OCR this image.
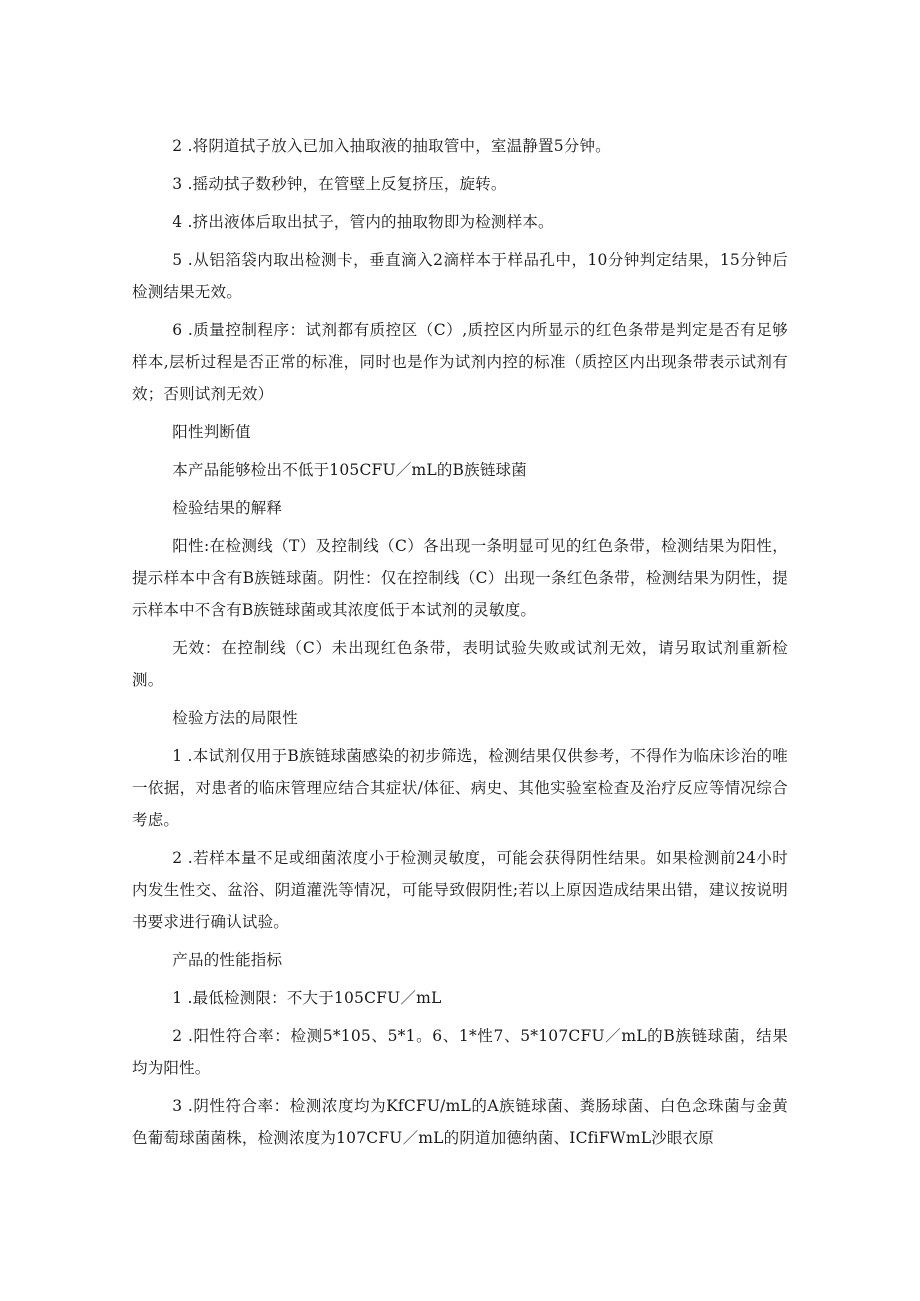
2 .将阴道拭子放入已加入抽取液的抽取管中，室温静置5分钟。

3 .摇动拭子数秒钟，在管壁上反复挤压，旋转。

4 .挤出液体后取出拭子，管内的抽取物即为检测样本。

5 .从铝箔袋内取出检测卡，垂直滴入2滴样本于样品孔中，10分钟判定结果，15分钟后检测结果无效。

6 .质量控制程序：试剂都有质控区（C）,质控区内所显示的红色条带是判定是否有足够样本,层析过程是否正常的标准，同时也是作为试剂内控的标准（质控区内出现条带表示试剂有效；否则试剂无效）

阳性判断值

本产品能够检出不低于105CFU／mL的B族链球菌

检验结果的解释

阳性:在检测线（T）及控制线（C）各出现一条明显可见的红色条带，检测结果为阳性，提示样本中含有B族链球菌。阴性：仅在控制线（C）出现一条红色条带，检测结果为阴性，提示样本中不含有B族链球菌或其浓度低于本试剂的灵敏度。

无效：在控制线（C）未出现红色条带，表明试验失败或试剂无效，请另取试剂重新检测。

检验方法的局限性

1 .本试剂仅用于B族链球菌感染的初步筛选，检测结果仅供参考，不得作为临床诊治的唯一依据，对患者的临床管理应结合其症状/体征、病史、其他实验室检查及治疗反应等情况综合考虑。

2 .若样本量不足或细菌浓度小于检测灵敏度，可能会获得阴性结果。如果检测前24小时内发生性交、盆浴、阴道灌洗等情况，可能导致假阴性;若以上原因造成结果出错，建议按说明书要求进行确认试验。

产品的性能指标

1 .最低检测限：不大于105CFU／mL

2 .阳性符合率：检测5*105、5*1。6、1*性7、5*107CFU／mL的B族链球菌，结果均为阳性。

3 .阴性符合率：检测浓度均为KfCFU/mL的A族链球菌、粪肠球菌、白色念珠菌与金黄色葡萄球菌菌株，检测浓度为107CFU／mL的阴道加德纳菌、ICfiFWmL沙眼衣原
